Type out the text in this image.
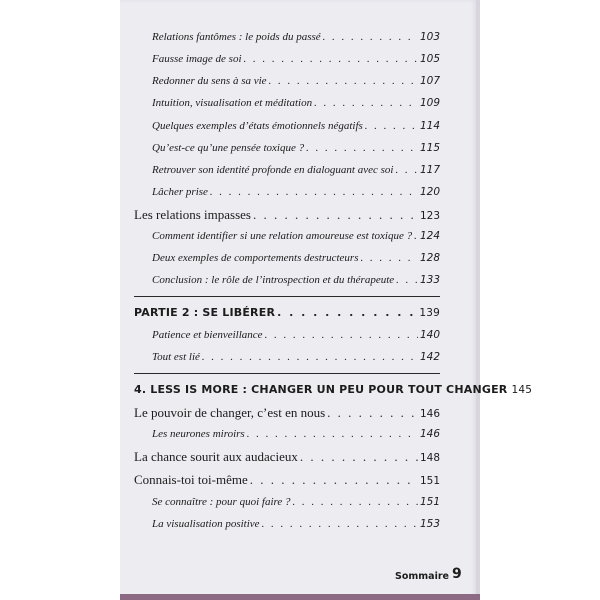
Relations fantômes : le poids du passé . . .	103
Fausse image de soi . . .	105
Redonner du sens à sa vie . . .	107
Intuition, visualisation et méditation . . .	109
Quelques exemples d’états émotionnels négatifs . . .	114
Qu’est-ce qu’une pensée toxique ? . . .	115
Retrouver son identité profonde en dialoguant avec soi . . .	117
Lâcher prise . . .	120
Les relations impasses . . .	123
Comment identifier si une relation amoureuse est toxique ? . . . 124
Deux exemples de comportements destructeurs . . .	128
Conclusion : le rôle de l’introspection et du thérapeute . . . 133
PARTIE 2 : SE LIBÉRER . . .	139
Patience et bienveillance . . .	140
Tout est lié . . .	142
4. LESS IS MORE : CHANGER UN PEU POUR TOUT CHANGER 145
Le pouvoir de changer, c’est en nous . . .	146
Les neurones miroirs . . .	146
La chance sourit aux audacieux . . .	148
Connais-toi toi-même . . .	151
Se connaître : pour quoi faire ? . . .	151
La visualisation positive . . .	153
Sommaire 9
